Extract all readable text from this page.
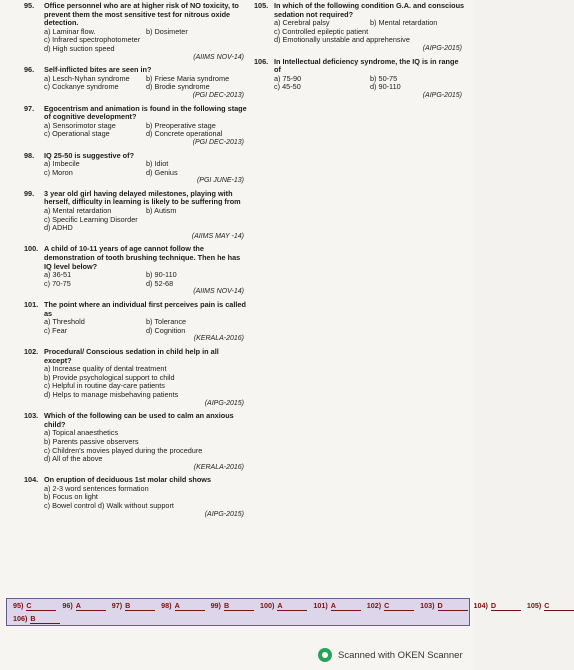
95.	Office personnel who are at higher risk of NO toxicity, to prevent them the most sensitive test for nitrous oxide detection.
a) Laminar flow.	b) Dosimeter
c) Infrared spectrophotometer
d) High suction speed
(AIIMS NOV-14)
96.	Self-inflicted bites are seen in?
a) Lesch-Nyhan syndrome	b) Friese Maria syndrome
c) Cockanye syndrome	d) Brodie syndrome
(PGI DEC-2013)
97.	Egocentrism and animation is found in the following stage of cognitive development?
a) Sensorimotor stage	b) Preoperative stage
c) Operational stage	d) Concrete operational
(PGI DEC-2013)
98.	IQ 25-50 is suggestive of?
a) Imbecile	b) Idiot
c) Moron	d) Genius
(PGI JUNE-13)
99.	3 year old girl having delayed milestones, playing with herself, difficulty in learning is likely to be suffering from
a) Mental retardation	b) Autism
c) Specific Learning Disorder
d) ADHD
(AIIMS MAY -14)
100. A child of 10-11 years of age cannot follow the demonstration of tooth brushing technique. Then he has IQ level below?
a) 36-51	b) 90-110
c) 70-75	d) 52-68
(AIIMS NOV-14)
101. The point where an individual first perceives pain is called as
a) Threshold	b) Tolerance
c) Fear	d) Cognition
(KERALA-2016)
102. Procedural/ Conscious sedation in child help in all except?
a) Increase quality of dental treatment
b) Provide psychological support to child
c) Helpful in routine day-care patients
d) Helps to manage misbehaving patients
(AIPG-2015)
103. Which of the following can be used to calm an anxious child?
a) Topical anaesthetics
b) Parents passive observers
c) Children's movies played during the procedure
d) All of the above
(KERALA-2016)
104. On eruption of deciduous 1st molar child shows
a) 2-3 word sentences formation
b) Focus on light
c) Bowel control d) Walk without support
(AIPG-2015)
105. In which of the following condition G.A. and conscious sedation not required?
a) Cerebral palsy	b) Mental retardation
c) Controlled epileptic patient
d) Emotionally unstable and apprehensive
(AIPG-2015)
106. In Intellectual deficiency syndrome, the IQ is in range of
a) 75-90	b) 50-75
c) 45-50	d) 90-110
(AIPG-2015)
95) C	96) A	97) B	98) A	99) B	100) A	101) A	102) C	103) D	104) D	105) C
106) B
Scanned with OKEN Scanner
